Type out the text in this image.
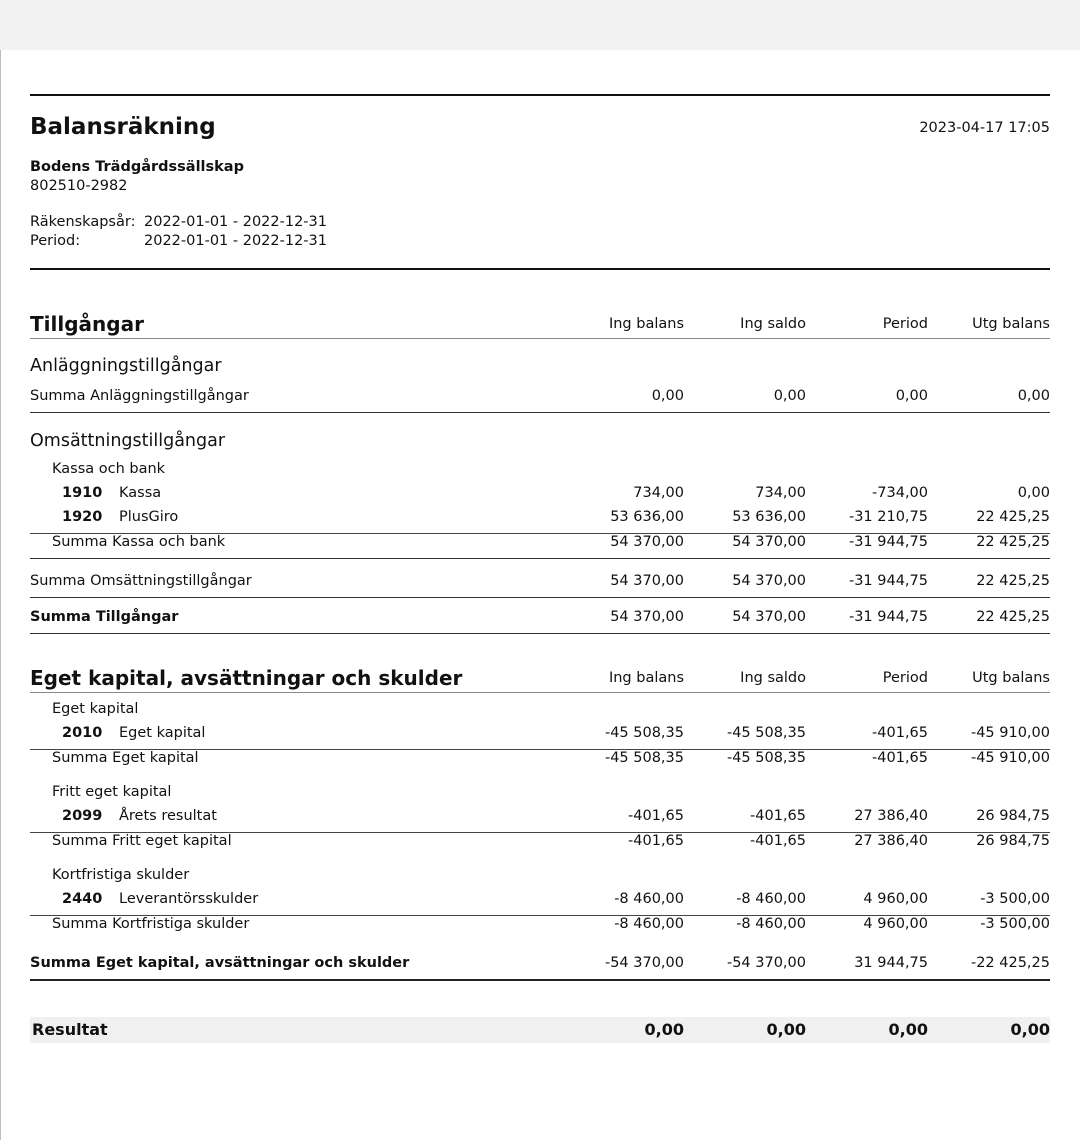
Balansräkning	2023-04-17 17:05
Bodens Trädgårdssällskap
802510-2982
Räkenskapsår: 2022-01-01 - 2022-12-31
Period:	2022-01-01 - 2022-12-31
Tillgångar	Ing balans	Ing saldo	Period	Utg balans
Anläggningstillgångar
Summa Anläggningstillgångar	0,00	0,00	0,00	0,00
Omsättningstillgångar
Kassa och bank
1910 Kassa	734,00	734,00	-734,00	0,00
1920 PlusGiro	53 636,00	53 636,00	-31 210,75	22 425,25
Summa Kassa och bank	54 370,00	54 370,00	-31 944,75	22 425,25
Summa Omsättningstillgångar	54 370,00	54 370,00	-31 944,75	22 425,25
Summa Tillgångar	54 370,00	54 370,00	-31 944,75	22 425,25
Eget kapital, avsättningar och skulder	Ing balans	Ing saldo	Period	Utg balans
Eget kapital
2010 Eget kapital	-45 508,35	-45 508,35	-401,65	-45 910,00
Summa Eget kapital	-45 508,35	-45 508,35	-401,65	-45 910,00
Fritt eget kapital
2099 Årets resultat	-401,65	-401,65	27 386,40	26 984,75
Summa Fritt eget kapital	-401,65	-401,65	27 386,40	26 984,75
Kortfristiga skulder
2440 Leverantörsskulder	-8 460,00	-8 460,00	4 960,00	-3 500,00
Summa Kortfristiga skulder	-8 460,00	-8 460,00	4 960,00	-3 500,00
Summa Eget kapital, avsättningar och skulder	-54 370,00	-54 370,00	31 944,75	-22 425,25
Resultat	0,00	0,00	0,00	0,00
